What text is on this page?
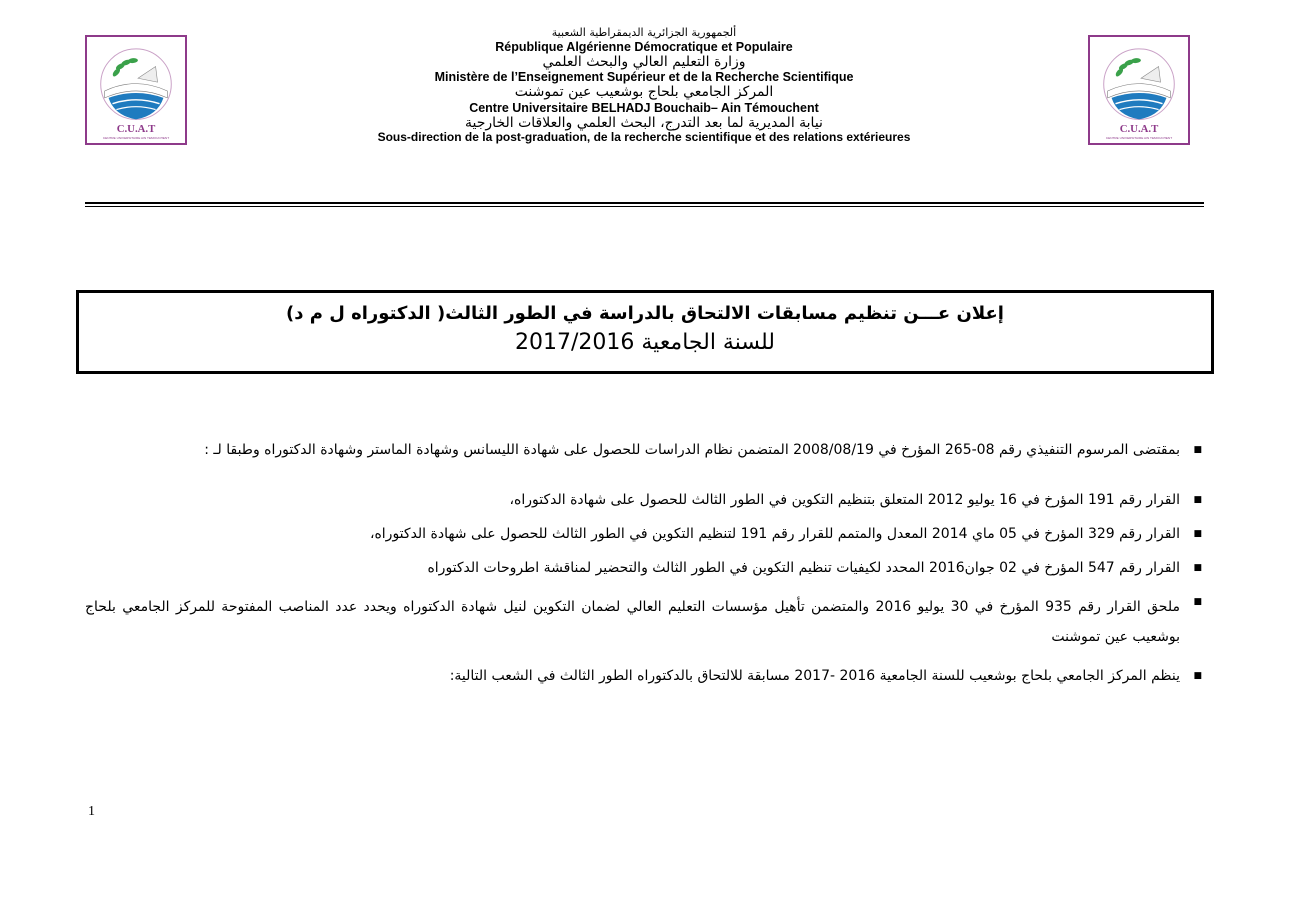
C.U.A.T
CENTRE UNIVERSITAIRE AIN TEMOUCHENT
C.U.A.T
CENTRE UNIVERSITAIRE AIN TEMOUCHENT
ألجمهورية الجزائرية الديمقراطية الشعبية
République Algérienne Démocratique et Populaire
وزارة التعليم العالي والبحث العلمي
Ministère de l’Enseignement Supérieur et de la Recherche Scientifique
المركز الجامعي بلحاج بوشعيب عين تموشنت
Centre Universitaire BELHADJ Bouchaib– Ain Témouchent
نيابة المديرية لما بعد التدرج، البحث العلمي والعلاقات الخارجية
Sous-direction de la post-graduation, de la recherche scientifique et des relations extérieures
إعلان عـــن تنظيم مسابقات الالتحاق بالدراسة في الطور الثالث( الدكتوراه ل م د)
للسنة الجامعية 2017/2016
■
بمقتضى المرسوم التنفيذي رقم 08-265 المؤرخ في 2008/08/19 المتضمن نظام الدراسات للحصول على شهادة الليسانس وشهادة الماستر وشهادة الدكتوراه وطبقا لـ :
■
القرار رقم 191 المؤرخ في 16 يوليو 2012 المتعلق بتنظيم التكوين في الطور الثالث للحصول على شهادة الدكتوراه،
■
القرار رقم 329 المؤرخ في 05 ماي 2014 المعدل والمتمم للقرار رقم 191 لتنظيم التكوين في الطور الثالث للحصول على شهادة الدكتوراه،
■
القرار رقم 547 المؤرخ في 02 جوان2016 المحدد لكيفيات تنظيم التكوين في الطور الثالث والتحضير لمناقشة اطروحات الدكتوراه
■
ملحق القرار رقم 935 المؤرخ في 30 يوليو 2016 والمتضمن تأهيل مؤسسات التعليم العالي لضمان التكوين لنيل شهادة الدكتوراه ويحدد عدد المناصب المفتوحة للمركز الجامعي بلحاج بوشعيب عين تموشنت
■
ينظم المركز الجامعي بلحاج بوشعيب للسنة الجامعية 2016 -2017 مسابقة للالتحاق بالدكتوراه الطور الثالث في الشعب التالية:
1
